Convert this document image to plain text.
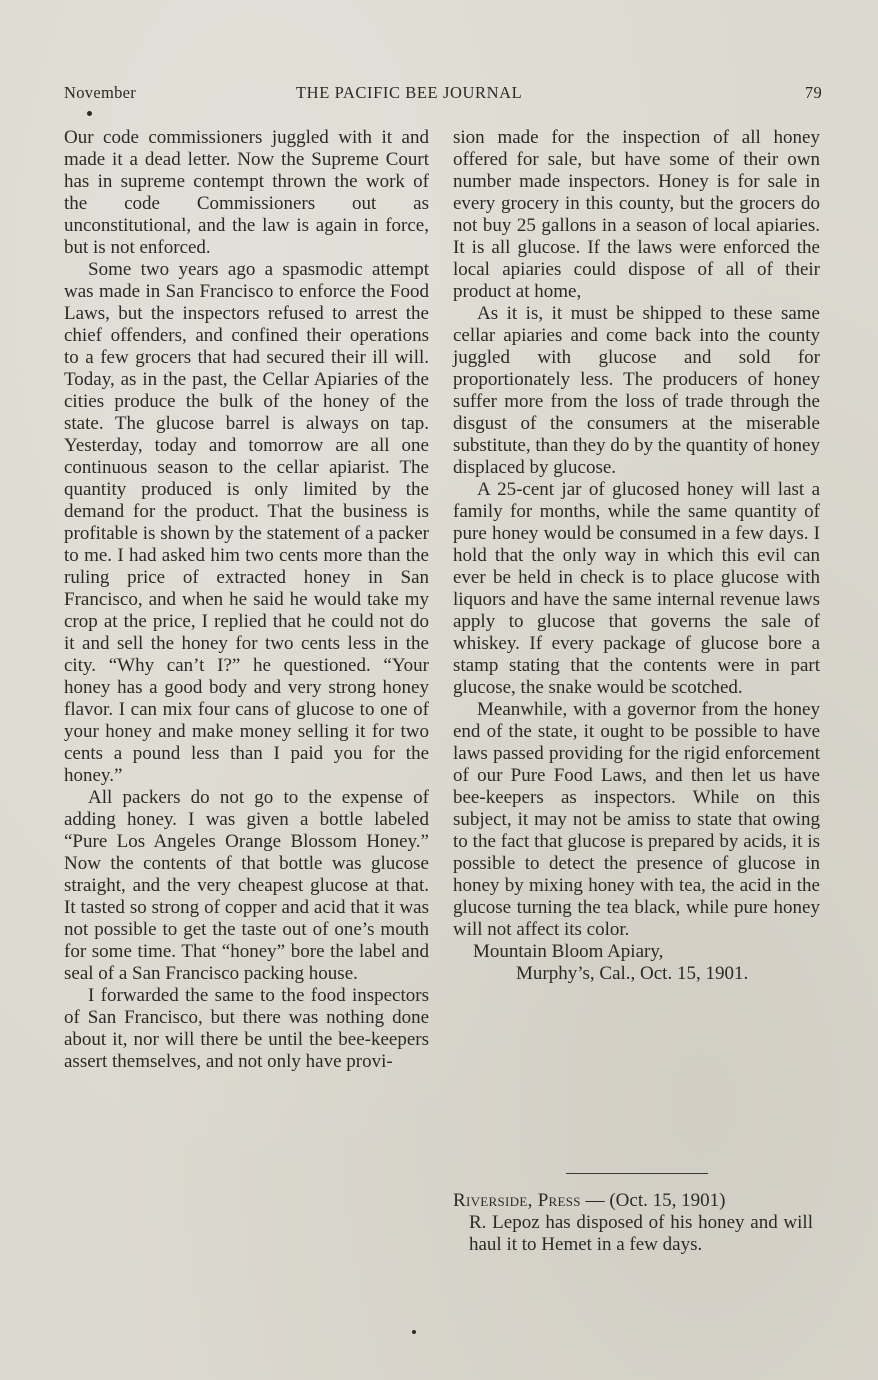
November	THE PACIFIC BEE JOURNAL	79

Our code commissioners juggled with it and made it a dead letter. Now the Supreme Court has in supreme contempt thrown the work of the code Commissioners out as unconstitutional, and the law is again in force, but is not enforced.

Some two years ago a spasmodic attempt was made in San Francisco to enforce the Food Laws, but the inspectors refused to arrest the chief offenders, and confined their operations to a few grocers that had secured their ill will. Today, as in the past, the Cellar Apiaries of the cities produce the bulk of the honey of the state. The glucose barrel is always on tap. Yesterday, today and tomorrow are all one continuous season to the cellar apiarist. The quantity produced is only limited by the demand for the product. That the business is profitable is shown by the statement of a packer to me. I had asked him two cents more than the ruling price of extracted honey in San Francisco, and when he said he would take my crop at the price, I replied that he could not do it and sell the honey for two cents less in the city. “Why can’t I?” he questioned. “Your honey has a good body and very strong honey flavor. I can mix four cans of glucose to one of your honey and make money selling it for two cents a pound less than I paid you for the honey.”

All packers do not go to the expense of adding honey. I was given a bottle labeled “Pure Los Angeles Orange Blossom Honey.” Now the contents of that bottle was glucose straight, and the very cheapest glucose at that. It tasted so strong of copper and acid that it was not possible to get the taste out of one’s mouth for some time. That “honey” bore the label and seal of a San Francisco packing house.

I forwarded the same to the food inspectors of San Francisco, but there was nothing done about it, nor will there be until the bee-keepers assert themselves, and not only have provi-

sion made for the inspection of all honey offered for sale, but have some of their own number made inspectors. Honey is for sale in every grocery in this county, but the grocers do not buy 25 gallons in a season of local apiaries. It is all glucose. If the laws were enforced the local apiaries could dispose of all of their product at home,

As it is, it must be shipped to these same cellar apiaries and come back into the county juggled with glucose and sold for proportionately less. The producers of honey suffer more from the loss of trade through the disgust of the consumers at the miserable substitute, than they do by the quantity of honey displaced by glucose.

A 25-cent jar of glucosed honey will last a family for months, while the same quantity of pure honey would be consumed in a few days. I hold that the only way in which this evil can ever be held in check is to place glucose with liquors and have the same internal revenue laws apply to glucose that governs the sale of whiskey. If every package of glucose bore a stamp stating that the contents were in part glucose, the snake would be scotched.

Meanwhile, with a governor from the honey end of the state, it ought to be possible to have laws passed providing for the rigid enforcement of our Pure Food Laws, and then let us have bee-keepers as inspectors. While on this subject, it may not be amiss to state that owing to the fact that glucose is prepared by acids, it is possible to detect the presence of glucose in honey by mixing honey with tea, the acid in the glucose turning the tea black, while pure honey will not affect its color.

Mountain Bloom Apiary,

Murphy’s, Cal., Oct. 15, 1901.

Riverside, Press — (Oct. 15, 1901)

R. Lepoz has disposed of his honey and will haul it to Hemet in a few days.
